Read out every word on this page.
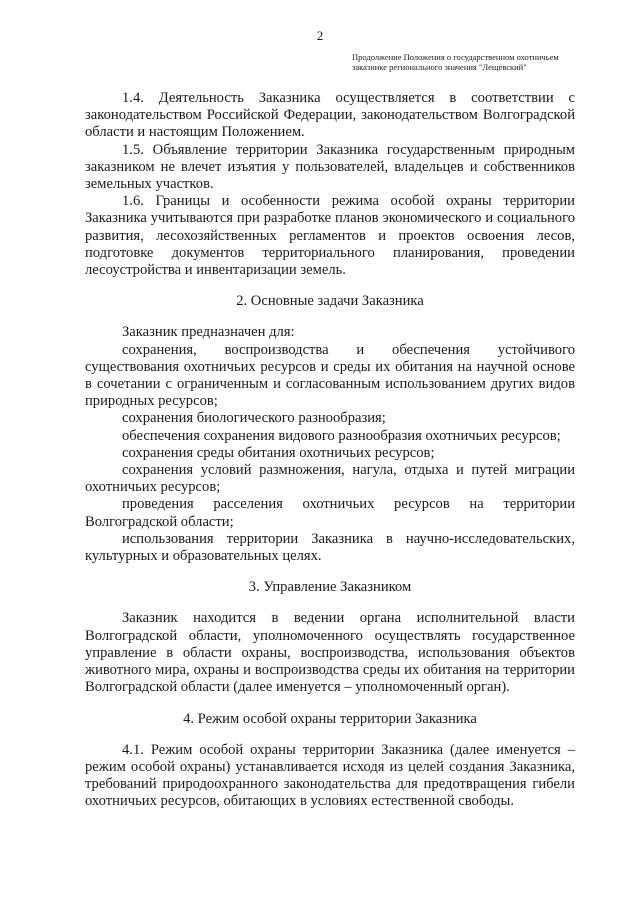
2
Продолжение Положения о государственном охотничьем
заказнике регионального значения "Лещевский"

1.4. Деятельность Заказника осуществляется в соответствии с законодательством Российской Федерации, законодательством Волгоградской области и настоящим Положением.

1.5. Объявление территории Заказника государственным природным заказником не влечет изъятия у пользователей, владельцев и собственников земельных участков.

1.6. Границы и особенности режима особой охраны территории Заказника учитываются при разработке планов экономического и социального развития, лесохозяйственных регламентов и проектов освоения лесов, подготовке документов территориального планирования, проведении лесоустройства и инвентаризации земель.

2. Основные задачи Заказника

Заказник предназначен для:

сохранения, воспроизводства и обеспечения устойчивого существования охотничьих ресурсов и среды их обитания на научной основе в сочетании с ограниченным и согласованным использованием других видов природных ресурсов;

сохранения биологического разнообразия;

обеспечения сохранения видового разнообразия охотничьих ресурсов;

сохранения среды обитания охотничьих ресурсов;

сохранения условий размножения, нагула, отдыха и путей миграции охотничьих ресурсов;

проведения расселения охотничьих ресурсов на территории Волгоградской области;

использования территории Заказника в научно-исследовательских, культурных и образовательных целях.

3. Управление Заказником

Заказник находится в ведении органа исполнительной власти Волгоградской области, уполномоченного осуществлять государственное управление в области охраны, воспроизводства, использования объектов животного мира, охраны и воспроизводства среды их обитания на территории Волгоградской области (далее именуется – уполномоченный орган).

4. Режим особой охраны территории Заказника

4.1. Режим особой охраны территории Заказника (далее именуется – режим особой охраны) устанавливается исходя из целей создания Заказника, требований природоохранного законодательства для предотвращения гибели охотничьих ресурсов, обитающих в условиях естественной свободы.
